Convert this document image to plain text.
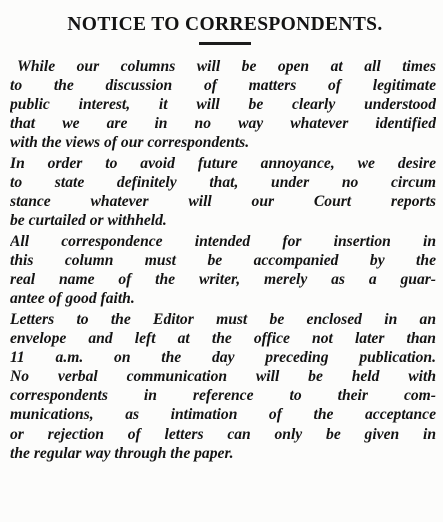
NOTICE TO CORRESPONDENTS.

While our columns will be open at all times
to the discussion of matters of legitimate
public interest, it will be clearly understood
that we are in no way whatever identified
with the views of our correspondents.

In order to avoid future annoyance, we desire
to state definitely that, under no circum
stance whatever will our Court reports
be curtailed or withheld.

All correspondence intended for insertion in
this column must be accompanied by the
real name of the writer, merely as a guar-
antee of good faith.

Letters to the Editor must be enclosed in an
envelope and left at the office not later than
11 a.m. on the day preceding publication.
No verbal communication will be held with
correspondents in reference to their com-
munications, as intimation of the acceptance
or rejection of letters can only be given in
the regular way through the paper.
